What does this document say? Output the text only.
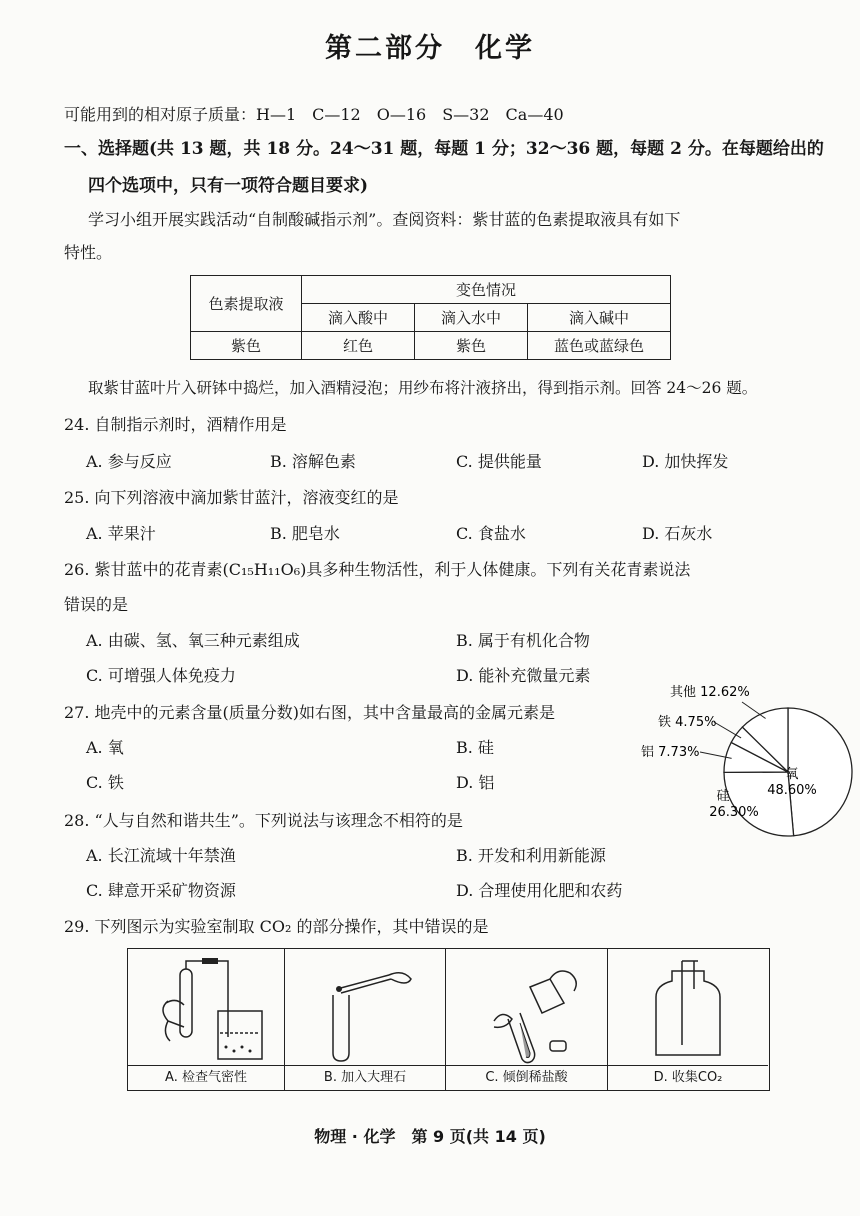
第二部分　化学
可能用到的相对原子质量：H—1　C—12　O—16　S—32　Ca—40
一、选择题(共 13 题，共 18 分。24～31 题，每题 1 分；32～36 题，每题 2 分。在每题给出的
四个选项中，只有一项符合题目要求)
学习小组开展实践活动“自制酸碱指示剂”。查阅资料：紫甘蓝的色素提取液具有如下
特性。
色素提取液	变色情况		
	滴入酸中	滴入水中	滴入碱中
紫色	红色	紫色	蓝色或蓝绿色
取紫甘蓝叶片入研钵中捣烂，加入酒精浸泡；用纱布将汁液挤出，得到指示剂。回答 24～26 题。
24. 自制指示剂时，酒精作用是
A. 参与反应	B. 溶解色素	C. 提供能量	D. 加快挥发
25. 向下列溶液中滴加紫甘蓝汁，溶液变红的是
A. 苹果汁	B. 肥皂水	C. 食盐水	D. 石灰水
26. 紫甘蓝中的花青素(C₁₅H₁₁O₆)具多种生物活性，利于人体健康。下列有关花青素说法
错误的是
A. 由碳、氢、氧三种元素组成	B. 属于有机化合物
C. 可增强人体免疫力	D. 能补充微量元素
27. 地壳中的元素含量(质量分数)如右图，其中含量最高的金属元素是
A. 氧	B. 硅
C. 铁	D. 铝
其他 12.62%
铁 4.75%
铝 7.73%
硅
26.30%
氧
48.60%
28. “人与自然和谐共生”。下列说法与该理念不相符的是
A. 长江流域十年禁渔	B. 开发和利用新能源
C. 肆意开采矿物资源	D. 合理使用化肥和农药
29. 下列图示为实验室制取 CO₂ 的部分操作，其中错误的是
A. 检查气密性	B. 加入大理石	C. 倾倒稀盐酸	D. 收集CO₂
物理 · 化学　第 9 页(共 14 页)
